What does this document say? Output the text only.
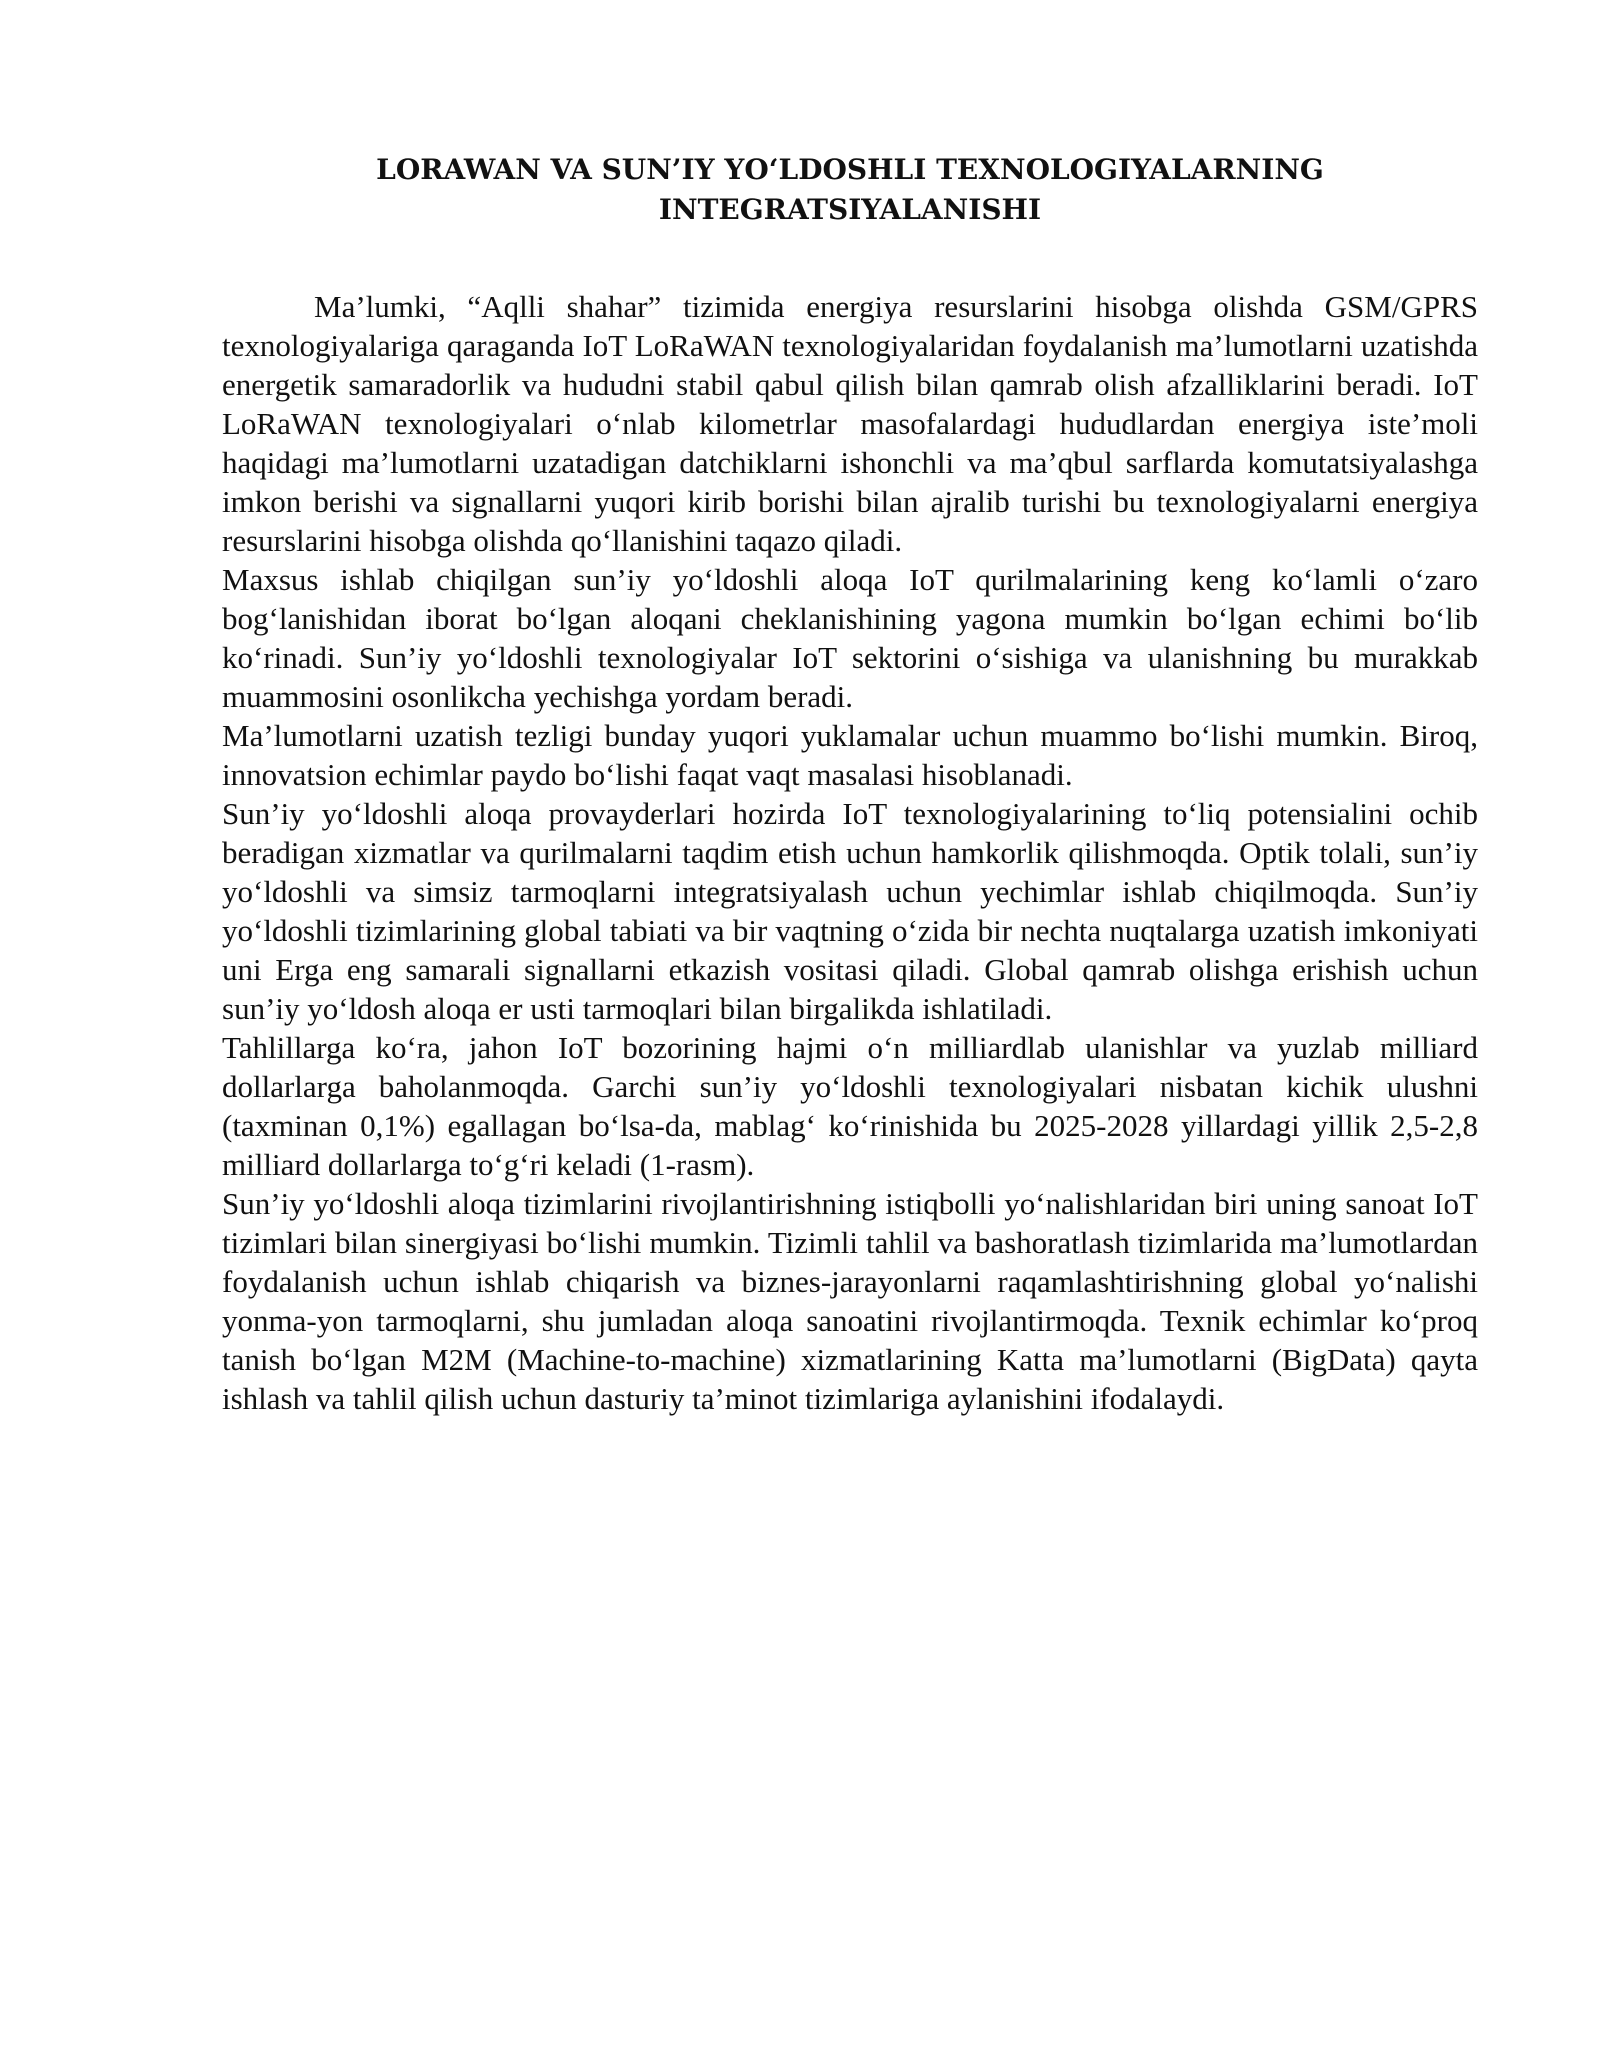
LORAWAN VA SUN’IY YO‘LDOSHLI TEXNOLOGIYALARNING
INTEGRATSIYALANISHI

Ma’lumki, “Aqlli shahar” tizimida energiya resurslarini hisobga olishda GSM/GPRS texnologiyalariga qaraganda IoT LoRaWAN texnologiyalaridan foydalanish ma’lumotlarni uzatishda energetik samaradorlik va hududni stabil qabul qilish bilan qamrab olish afzalliklarini beradi. IoT LoRaWAN texnologiyalari o‘nlab kilometrlar masofalardagi hududlardan energiya iste’moli haqidagi ma’lumotlarni uzatadigan datchiklarni ishonchli va ma’qbul sarflarda komutatsiyalashga imkon berishi va signallarni yuqori kirib borishi bilan ajralib turishi bu texnologiyalarni energiya resurslarini hisobga olishda qo‘llanishini taqazo qiladi.

Maxsus ishlab chiqilgan sun’iy yo‘ldoshli aloqa IoT qurilmalarining keng ko‘lamli o‘zaro bog‘lanishidan iborat bo‘lgan aloqani cheklanishining yagona mumkin bo‘lgan echimi bo‘lib ko‘rinadi. Sun’iy yo‘ldoshli texnologiyalar IoT sektorini o‘sishiga va ulanishning bu murakkab muammosini osonlikcha yechishga yordam beradi.

Ma’lumotlarni uzatish tezligi bunday yuqori yuklamalar uchun muammo bo‘lishi mumkin. Biroq, innovatsion echimlar paydo bo‘lishi faqat vaqt masalasi hisoblanadi.

Sun’iy yo‘ldoshli aloqa provayderlari hozirda IoT texnologiyalarining to‘liq potensialini ochib beradigan xizmatlar va qurilmalarni taqdim etish uchun hamkorlik qilishmoqda. Optik tolali, sun’iy yo‘ldoshli va simsiz tarmoqlarni integratsiyalash uchun yechimlar ishlab chiqilmoqda. Sun’iy yo‘ldoshli tizimlarining global tabiati va bir vaqtning o‘zida bir nechta nuqtalarga uzatish imkoniyati uni Erga eng samarali signallarni etkazish vositasi qiladi. Global qamrab olishga erishish uchun sun’iy yo‘ldosh aloqa er usti tarmoqlari bilan birgalikda ishlatiladi.

Tahlillarga ko‘ra, jahon IoT bozorining hajmi o‘n milliardlab ulanishlar va yuzlab milliard dollarlarga baholanmoqda. Garchi sun’iy yo‘ldoshli texnologiyalari nisbatan kichik ulushni (taxminan 0,1%) egallagan bo‘lsa-da, mablag‘ ko‘rinishida bu 2025-2028 yillardagi yillik 2,5-2,8 milliard dollarlarga to‘g‘ri keladi (1-rasm).

Sun’iy yo‘ldoshli aloqa tizimlarini rivojlantirishning istiqbolli yo‘nalishlaridan biri uning sanoat IoT tizimlari bilan sinergiyasi bo‘lishi mumkin. Tizimli tahlil va bashoratlash tizimlarida ma’lumotlardan foydalanish uchun ishlab chiqarish va biznes-jarayonlarni raqamlashtirishning global yo‘nalishi yonma-yon tarmoqlarni, shu jumladan aloqa sanoatini rivojlantirmoqda. Texnik echimlar ko‘proq tanish bo‘lgan M2M (Machine-to-machine) xizmatlarining Katta ma’lumotlarni (BigData) qayta ishlash va tahlil qilish uchun dasturiy ta’minot tizimlariga aylanishini ifodalaydi.
